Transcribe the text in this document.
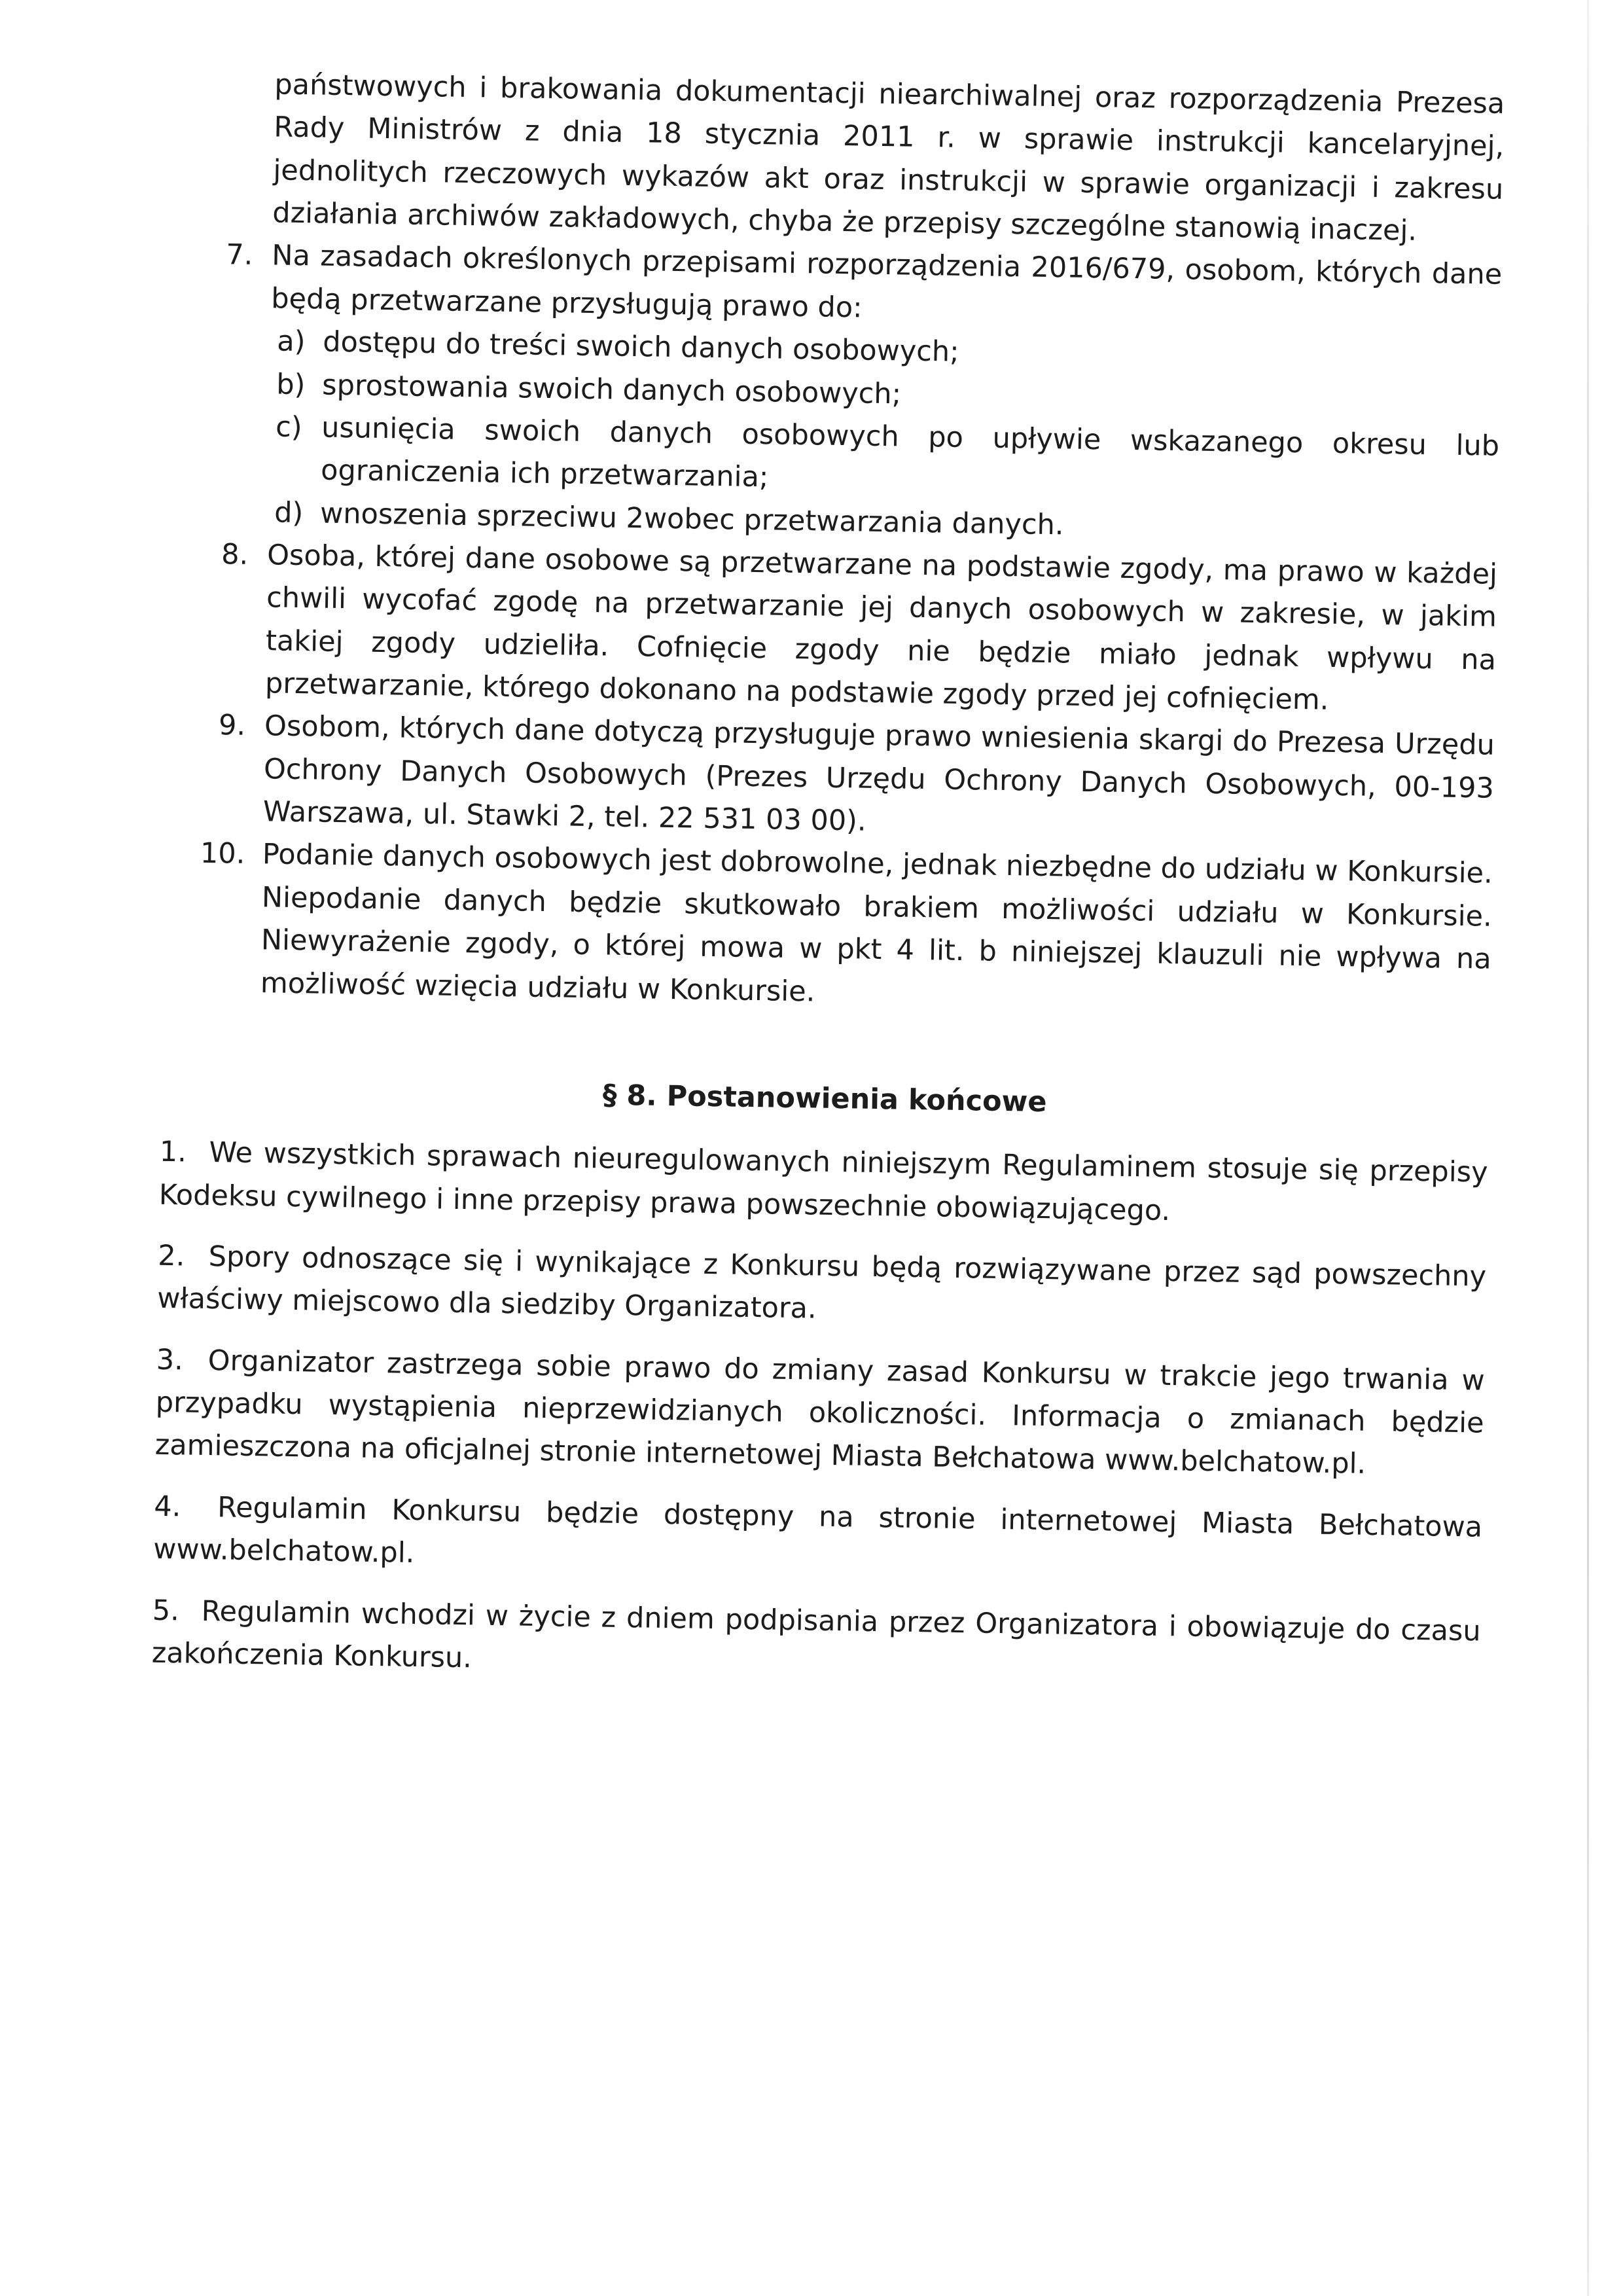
państwowych i brakowania dokumentacji niearchiwalnej oraz rozporządzenia Prezesa Rady Ministrów z dnia 18 stycznia 2011 r. w sprawie instrukcji kancelaryjnej, jednolitych rzeczowych wykazów akt oraz instrukcji w sprawie organizacji i zakresu działania archiwów zakładowych, chyba że przepisy szczególne stanowią inaczej.

7. Na zasadach określonych przepisami rozporządzenia 2016/679, osobom, których dane będą przetwarzane przysługują prawo do:
a) dostępu do treści swoich danych osobowych;
b) sprostowania swoich danych osobowych;
c) usunięcia swoich danych osobowych po upływie wskazanego okresu lub ograniczenia ich przetwarzania;
d) wnoszenia sprzeciwu 2wobec przetwarzania danych.
8. Osoba, której dane osobowe są przetwarzane na podstawie zgody, ma prawo w każdej chwili wycofać zgodę na przetwarzanie jej danych osobowych w zakresie, w jakim takiej zgody udzieliła. Cofnięcie zgody nie będzie miało jednak wpływu na przetwarzanie, którego dokonano na podstawie zgody przed jej cofnięciem.
9. Osobom, których dane dotyczą przysługuje prawo wniesienia skargi do Prezesa Urzędu Ochrony Danych Osobowych (Prezes Urzędu Ochrony Danych Osobowych, 00-193 Warszawa, ul. Stawki 2, tel. 22 531 03 00).
10. Podanie danych osobowych jest dobrowolne, jednak niezbędne do udziału w Konkursie. Niepodanie danych będzie skutkowało brakiem możliwości udziału w Konkursie. Niewyrażenie zgody, o której mowa w pkt 4 lit. b niniejszej klauzuli nie wpływa na możliwość wzięcia udziału w Konkursie.

§ 8. Postanowienia końcowe

1. We wszystkich sprawach nieuregulowanych niniejszym Regulaminem stosuje się przepisy Kodeksu cywilnego i inne przepisy prawa powszechnie obowiązującego.

2. Spory odnoszące się i wynikające z Konkursu będą rozwiązywane przez sąd powszechny właściwy miejscowo dla siedziby Organizatora.

3. Organizator zastrzega sobie prawo do zmiany zasad Konkursu w trakcie jego trwania w przypadku wystąpienia nieprzewidzianych okoliczności. Informacja o zmianach będzie zamieszczona na oficjalnej stronie internetowej Miasta Bełchatowa www.belchatow.pl.

4. Regulamin Konkursu będzie dostępny na stronie internetowej Miasta Bełchatowa www.belchatow.pl.

5. Regulamin wchodzi w życie z dniem podpisania przez Organizatora i obowiązuje do czasu zakończenia Konkursu.
